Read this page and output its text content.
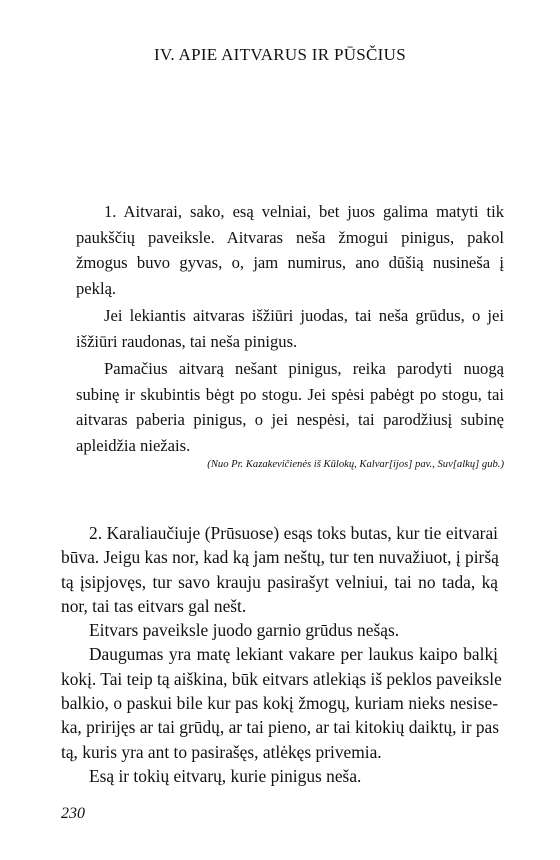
IV. APIE AITVARUS IR PŪSČIUS
1. Aitvarai, sako, esą velniai, bet juos galima matyti tik
paukščių paveiksle. Aitvaras neša žmogui pinigus, pakol
žmogus buvo gyvas, o, jam numirus, ano dūšią nusineša į
peklą.
Jei lekiantis aitvaras išžiūri juodas, tai neša grūdus, o jei
išžiūri raudonas, tai neša pinigus.
Pamačius aitvarą nešant pinigus, reika parodyti nuogą
subinę ir skubintis bėgt po stogu. Jei spėsi pabėgt po stogu, tai
aitvaras paberia pinigus, o jei nespėsi, tai parodžiusį subinę
apleidžia niežais.

(Nuo Pr. Kazakevičienės iš Kūlokų, Kalvar[ijos] pav., Suv[alkų] gub.)

2. Karaliaučiuje (Prūsuose) esąs toks butas, kur tie eitvarai
būva. Jeigu kas nor, kad ką jam neštų, tur ten nuvažiuot, į piršą
tą įsipjovęs, tur savo krauju pasirašyt velniui, tai no tada, ką
nor, tai tas eitvars gal nešt.
Eitvars paveiksle juodo garnio grūdus nešąs.
Daugumas yra matę lekiant vakare per laukus kaipo balkį
kokį. Tai teip tą aiškina, būk eitvars atlekiąs iš peklos paveiksle
balkio, o paskui bile kur pas kokį žmogų, kuriam nieks nesise-
ka, pririjęs ar tai grūdų, ar tai pieno, ar tai kitokių daiktų, ir pas
tą, kuris yra ant to pasirašęs, atlėkęs privemia.
Esą ir tokių eitvarų, kurie pinigus neša.

230
